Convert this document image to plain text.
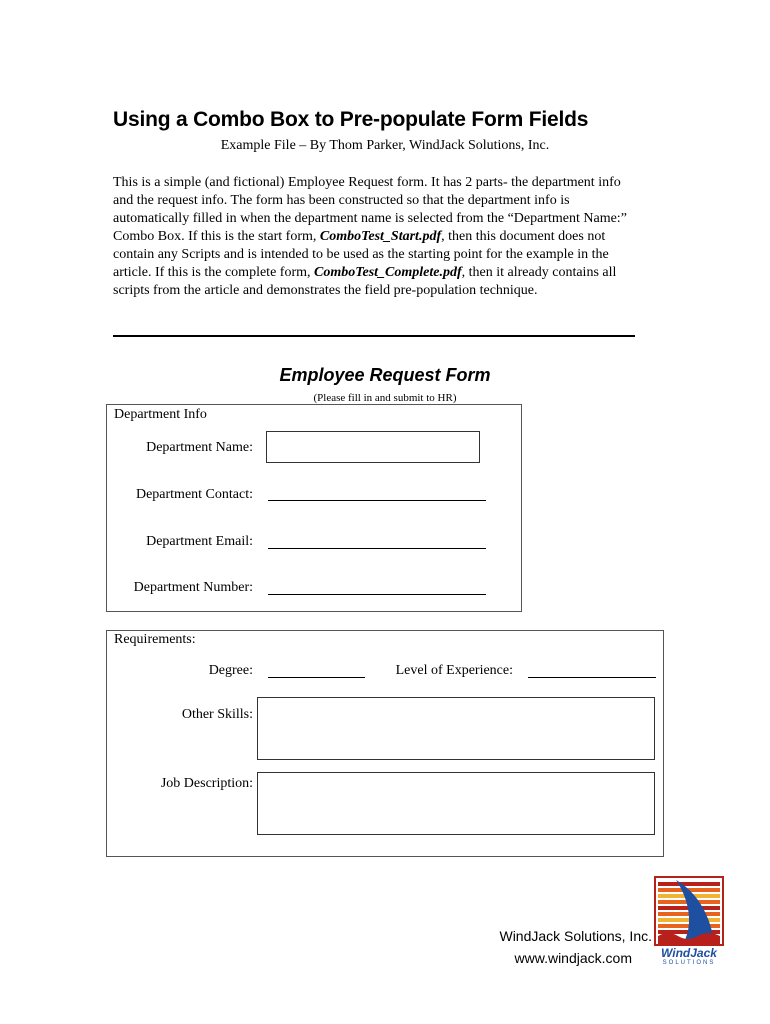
Using a Combo Box to Pre-populate Form Fields
Example File – By Thom Parker, WindJack Solutions, Inc.
This is a simple (and fictional) Employee Request form. It has 2 parts- the department info and the request info. The form has been constructed so that the department info is automatically filled in when the department name is selected from the “Department Name:” Combo Box. If this is the start form, ComboTest_Start.pdf, then this document does not contain any Scripts and is intended to be used as the starting point for the example in the article. If this is the complete form, ComboTest_Complete.pdf, then it already contains all scripts from the article and demonstrates the field pre-population technique.
Employee Request Form
(Please fill in and submit to HR)
Department Info
Department Name:
Department Contact:
Department Email:
Department Number:
Requirements:
Degree:	Level of Experience:
Other Skills:
Job Description:
WindJack Solutions, Inc.
www.windjack.com	WindJack
SOLUTIONS
